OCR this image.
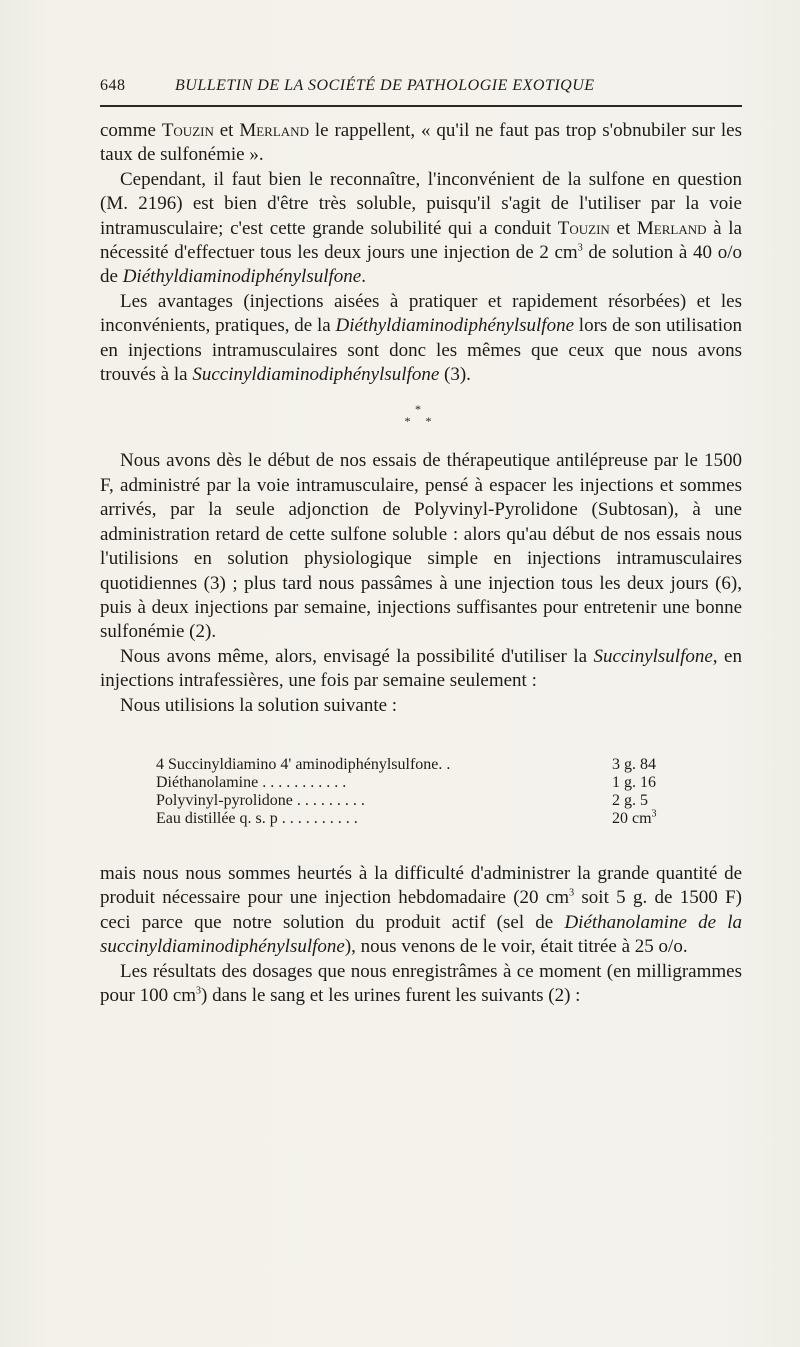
648	BULLETIN DE LA SOCIÉTÉ DE PATHOLOGIE EXOTIQUE

comme Touzin et Merland le rappellent, « qu'il ne faut pas trop s'obnubiler sur les taux de sulfonémie ».

Cependant, il faut bien le reconnaître, l'inconvénient de la sulfone en question (M. 2196) est bien d'être très soluble, puisqu'il s'agit de l'utiliser par la voie intramusculaire; c'est cette grande solubilité qui a conduit Touzin et Merland à la nécessité d'effectuer tous les deux jours une injection de 2 $cm^3$ de solution à 40 o/o de Diéthyldiaminodiphénylsulfone.

Les avantages (injections aisées à pratiquer et rapidement résorbées) et les inconvénients, pratiques, de la Diéthyldiaminodiphénylsulfone lors de son utilisation en injections intramusculaires sont donc les mêmes que ceux que nous avons trouvés à la Succinyldiaminodiphénylsulfone (3).

*
* *

Nous avons dès le début de nos essais de thérapeutique antilépreuse par le 1500 F, administré par la voie intramusculaire, pensé à espacer les injections et sommes arrivés, par la seule adjonction de Polyvinyl-Pyrolidone (Subtosan), à une administration retard de cette sulfone soluble : alors qu'au début de nos essais nous l'utilisions en solution physiologique simple en injections intramusculaires quotidiennes (3) ; plus tard nous passâmes à une injection tous les deux jours (6), puis à deux injections par semaine, injections suffisantes pour entretenir une bonne sulfonémie (2).

Nous avons même, alors, envisagé la possibilité d'utiliser la Succinylsulfone, en injections intrafessières, une fois par semaine seulement :

Nous utilisions la solution suivante :

4 Succinyldiamino 4' aminodiphénylsulfone. .	3 g. 84
Diéthanolamine . . . . . . . . . . .	1 g. 16
Polyvinyl-pyrolidone . . . . . . . . .	2 g. 5
Eau distillée q. s. p . . . . . . . . . .	20 $cm^3$

mais nous nous sommes heurtés à la difficulté d'administrer la grande quantité de produit nécessaire pour une injection hebdomadaire (20 $cm^3$ soit 5 g. de 1500 F) ceci parce que notre solution du produit actif (sel de Diéthanolamine de la succinyldiaminodiphénylsulfone), nous venons de le voir, était titrée à 25 o/o.

Les résultats des dosages que nous enregistrâmes à ce moment (en milligrammes pour 100 $cm^3$) dans le sang et les urines furent les suivants (2) :
